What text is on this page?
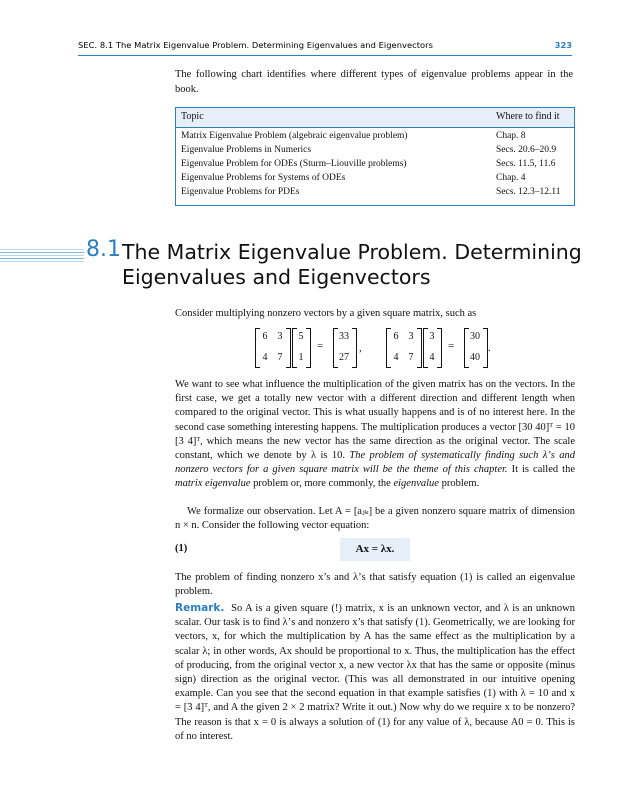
SEC. 8.1 The Matrix Eigenvalue Problem. Determining Eigenvalues and Eigenvectors	323
The following chart identifies where different types of eigenvalue problems appear in the book.
Topic	Where to find it
Matrix Eigenvalue Problem (algebraic eigenvalue problem)	Chap. 8
Eigenvalue Problems in Numerics	Secs. 20.6–20.9
Eigenvalue Problem for ODEs (Sturm–Liouville problems)	Secs. 11.5, 11.6
Eigenvalue Problems for Systems of ODEs	Chap. 4
Eigenvalue Problems for PDEs	Secs. 12.3–12.11
8.1 The Matrix Eigenvalue Problem. Determining
Eigenvalues and Eigenvectors
Consider multiplying nonzero vectors by a given square matrix, such as
6 3
4 7
5
1
=
33
27
,
6 3
4 7
3
4
=
30
40
.
We want to see what influence the multiplication of the given matrix has on the vectors. In the first case, we get a totally new vector with a different direction and different length when compared to the original vector. This is what usually happens and is of no interest here. In the second case something interesting happens. The multiplication produces a vector [30 40]ᵀ = 10 [3 4]ᵀ, which means the new vector has the same direction as the original vector. The scale constant, which we denote by λ is 10. The problem of systematically finding such λ’s and nonzero vectors for a given square matrix will be the theme of this chapter. It is called the matrix eigenvalue problem or, more commonly, the eigenvalue problem.
We formalize our observation. Let A = [aⱼₖ] be a given nonzero square matrix of dimension n × n. Consider the following vector equation:
(1)	Ax = λx.
The problem of finding nonzero x’s and λ’s that satisfy equation (1) is called an eigenvalue problem.
Remark. So A is a given square (!) matrix, x is an unknown vector, and λ is an unknown scalar. Our task is to find λ’s and nonzero x’s that satisfy (1). Geometrically, we are looking for vectors, x, for which the multiplication by A has the same effect as the multiplication by a scalar λ; in other words, Ax should be proportional to x. Thus, the multiplication has the effect of producing, from the original vector x, a new vector λx that has the same or opposite (minus sign) direction as the original vector. (This was all demonstrated in our intuitive opening example. Can you see that the second equation in that example satisfies (1) with λ = 10 and x = [3 4]ᵀ, and A the given 2 × 2 matrix? Write it out.) Now why do we require x to be nonzero? The reason is that x = 0 is always a solution of (1) for any value of λ, because A0 = 0. This is of no interest.
